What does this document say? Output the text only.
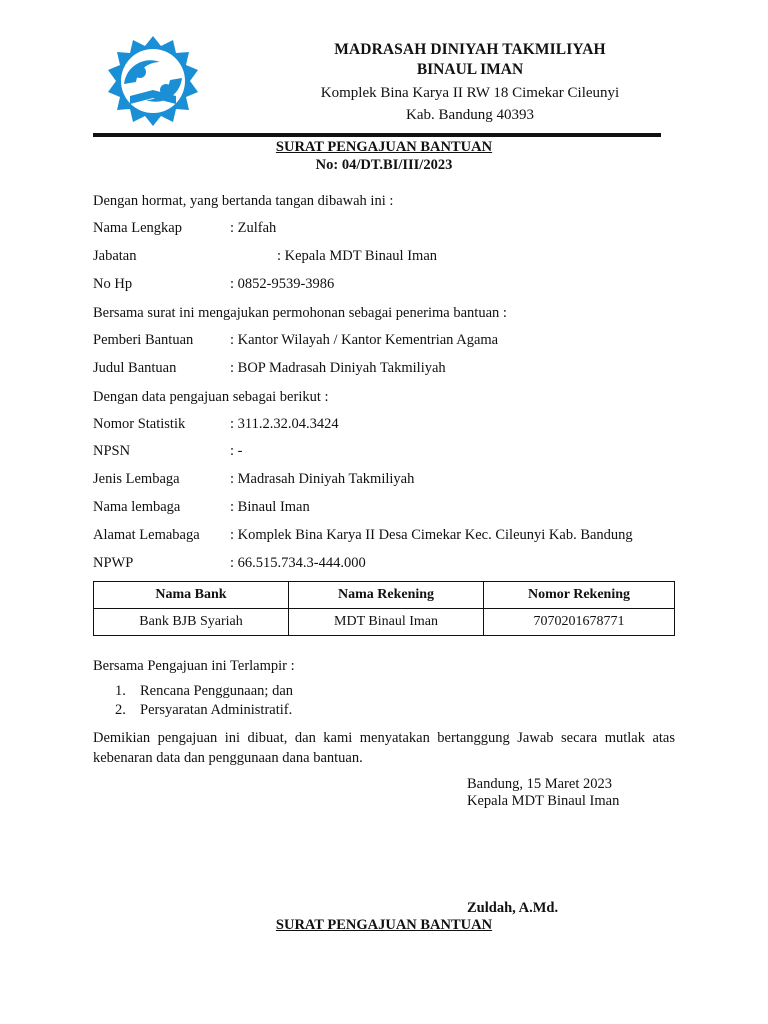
MADRASAH DINIYAH TAKMILIYAH
BINAUL IMAN
Komplek Bina Karya II RW 18 Cimekar Cileunyi
Kab. Bandung 40393
SURAT PENGAJUAN BANTUAN
No: 04/DT.BI/III/2023
Dengan hormat, yang bertanda tangan dibawah ini :
Nama Lengkap	: Zulfah
Jabatan	: Kepala MDT Binaul Iman
No Hp	: 0852-9539-3986
Bersama surat ini mengajukan permohonan sebagai penerima bantuan :
Pemberi Bantuan	: Kantor Wilayah / Kantor Kementrian Agama
Judul Bantuan	: BOP Madrasah Diniyah Takmiliyah
Dengan data pengajuan sebagai berikut :
Nomor Statistik	: 311.2.32.04.3424
NPSN	: -
Jenis Lembaga	: Madrasah Diniyah Takmiliyah
Nama lembaga	: Binaul Iman
Alamat Lemabaga : Komplek Bina Karya II Desa Cimekar Kec. Cileunyi Kab. Bandung
NPWP	: 66.515.734.3-444.000
Nama Bank	Nama Rekening	Nomor Rekening
Bank BJB Syariah	MDT Binaul Iman	7070201678771
Bersama Pengajuan ini Terlampir :
1. Rencana Penggunaan; dan
2. Persyaratan Administratif.
Demikian pengajuan ini dibuat, dan kami menyatakan bertanggung Jawab secara mutlak atas kebenaran data dan penggunaan dana bantuan.
Bandung, 15 Maret 2023
Kepala MDT Binaul Iman
Zuldah, A.Md.
SURAT PENGAJUAN BANTUAN
